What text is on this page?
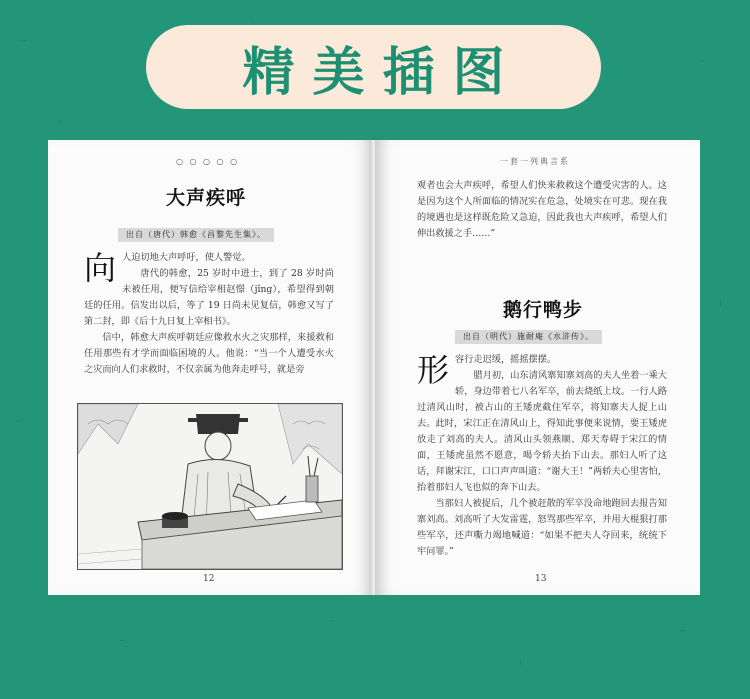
精美插图
○ ○ ○ ○ ○
大声疾呼
出自（唐代）韩愈《昌黎先生集》。

向 人迫切地大声呼吁，使人警觉。

唐代的韩愈，25 岁时中进士，到了 28 岁时尚未被任用，便写信给宰相赵憬（jǐng），希望得到朝廷的任用。信发出以后，等了 19 日尚未见复信，韩愈又写了第二封，即《后十九日复上宰相书》。

信中，韩愈大声疾呼朝廷应像救水火之灾那样，来援救和任用那些有才学而面临困境的人。他说：“当一个人遭受水火之灾而向人们求救时，不仅亲属为他奔走呼号，就是旁

12
一套一列典言系

观者也会大声疾呼，希望人们快来救救这个遭受灾害的人。这是因为这个人所面临的情况实在危急，处境实在可悲。现在我的境遇也是这样既危险又急迫，因此我也大声疾呼，希望人们伸出救援之手……”

鹅行鸭步
出自（明代）施耐庵《水浒传》。

形 容行走迟缓，摇摇摆摆。

腊月初，山东清风寨知寨刘高的夫人坐着一乘大轿，身边带着七八名军卒，前去烧纸上坟。一行人路过清风山时，被占山的王矮虎截住军卒，将知寨夫人捉上山去。此时，宋江正在清风山上，得知此事便来说情，要王矮虎放走了刘高的夫人。清风山头领燕顺、郑天寿碍于宋江的情面，王矮虎虽然不愿意，喝令轿夫抬下山去。那妇人听了这话，拜谢宋江，口口声声叫道：“谢大王！”两轿夫心里害怕，抬着那妇人飞也似的奔下山去。

当那妇人被捉后，几个被赶散的军卒没命地跑回去报告知寨刘高。刘高听了大发雷霆，怒骂那些军卒，并用大棍狠打那些军卒，还声嘶力竭地喊道：“如果不把夫人夺回来，统统下牢问罪。”

13
